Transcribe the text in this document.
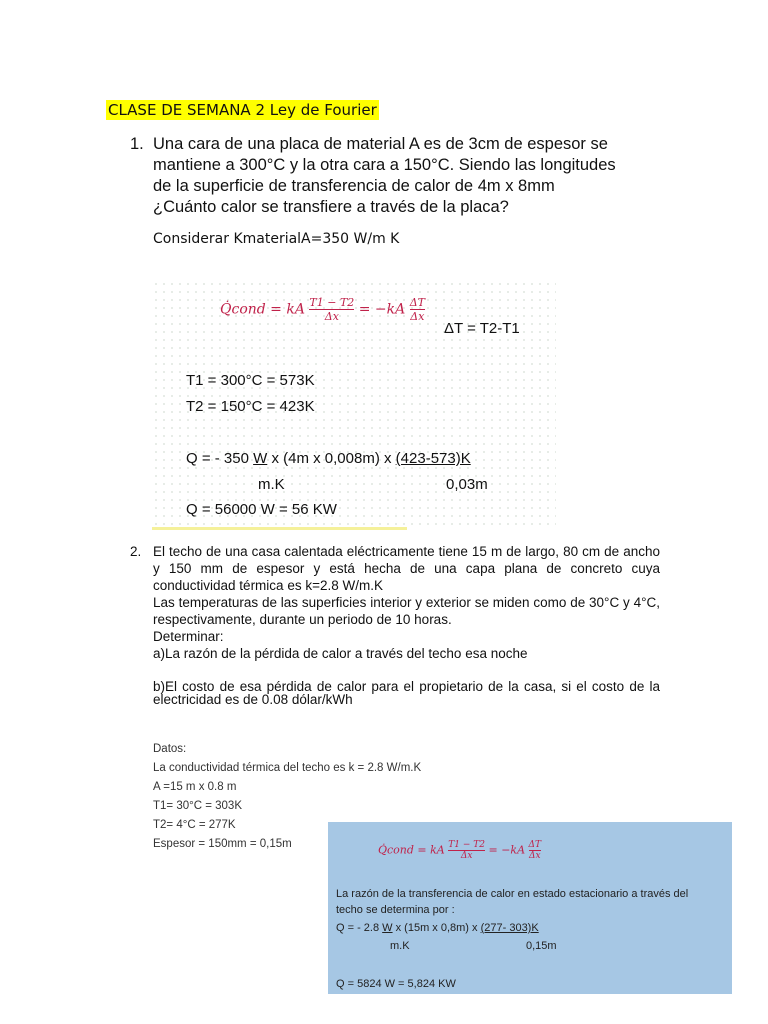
CLASE DE SEMANA 2 Ley de Fourier
1. Una cara de una placa de material A es de 3cm de espesor se
mantiene a 300°C y la otra cara a 150°C. Siendo las longitudes
de la superficie de transferencia de calor de 4m x 8mm
¿Cuánto calor se transfiere a través de la placa?
Considerar KmaterialA=350 W/m K
Q̇cond = kA $\frac{T1 - T2}{\Delta x} = -kA \frac{\Delta T}{\Delta x}$
ΔT = T2-T1
T1 = 300°C = 573K
T2 = 150°C = 423K
Q = - 350 W x (4m x 0,008m) x (423-573)K
m.K	0,03m
Q = 56000 W = 56 KW
2. El techo de una casa calentada eléctricamente tiene 15 m de largo, 80 cm de ancho y 150 mm de espesor y está hecha de una capa plana de concreto cuya conductividad térmica es k=2.8 W/m.K
Las temperaturas de las superficies interior y exterior se miden como de 30°C y 4°C, respectivamente, durante un periodo de 10 horas.
Determinar:
a)La razón de la pérdida de calor a través del techo esa noche
b)El costo de esa pérdida de calor para el propietario de la casa, si el costo de la electricidad es de 0.08 dólar/kWh
Datos:
La conductividad térmica del techo es k = 2.8 W/m.K
A =15 m x 0.8 m
T1= 30°C = 303K
T2= 4°C = 277K
Espesor = 150mm = 0,15m	Q̇cond = kA $\frac{T1 - T2}{\Delta x} = -kA \frac{\Delta T}{\Delta x}$
La razón de la transferencia de calor en estado estacionario a través del
techo se determina por :
Q = - 2.8 W x (15m x 0,8m) x (277- 303)K
m.K	0,15m
Q = 5824 W = 5,824 KW
